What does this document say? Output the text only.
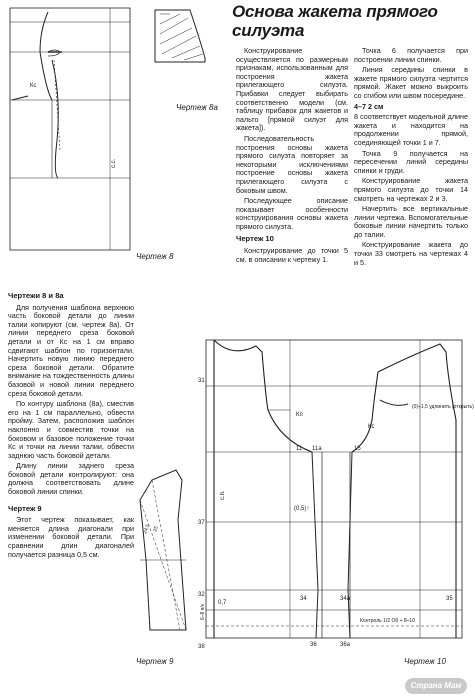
Основа жакета прямого силуэта

Конструирование осуществляется по размерным признакам, использованным для построения жакета прилегающего силуэта. Прибавки следует выбирать соответственно модели (см. таблицу прибавок для жакетов и пальто [прямой силуэт для жакета]).

Последовательность построения основы жакета прямого силуэта повторяет за некоторыми исключениями построение основы жакета прилегающего силуэта с боковым швом.

Последующее описание показывает особенности конструирования основы жакета прямого силуэта.

Чертеж 10

Конструирование до точки 5 см. в описании к чертежу 1.

Точка 6 получается при построении линии спинки.

Линия середины спинки в жакете прямого силуэта чертится прямой. Жакет можно выкроить со сгибом или швом посередине.

4–7 2 см

8 соответствует модельной длине жакета и находится на продолжении прямой, соединяющей точки 1 и 7.

Точка 9 получается на пересечении линий середины спинки и груди.

Конструирование жакета прямого силуэта до точки 14 смотреть на чертежах 2 и 3.

Начертить все вертикальные линии чертежа. Вспомогательные боковые линии начертить только до талии.

Конструирование жакета до точки 33 смотреть на чертежах 4 и 5.

Чертежи 8 и 8а

Для получения шаблона верхнюю часть боковой детали до линии талии копируют (см. чертеж 8а). От линии переднего среза боковой детали и от Кс на 1 см вправо сдвигают шаблон по горизонтали. Начертить новую линию переднего среза боковой детали. Обратите внимание на тождественность длины базовой и новой линии переднего среза боковой детали.

По контуру шаблона (8а), сместив его на 1 см параллельно, обвести пройму. Затем, расположив шаблон наклонно и совместив точки на боковом и базовое положение точки Кс и точки на линии талии, обвести заднюю часть боковой детали.

Длину линии заднего среза боковой детали контролируют: она должна соответствовать длине боковой линии спинки.

Чертеж 9

Этот чертеж показывает, как меняется длина диагонали при изменении боковой детали. При сравнении длин диагоналей получается разница 0,5 см.

Кс
с.с.
31
37
32
38
11 11а	15
34	34а
36	36а
35
Кп
Кс
(0,5)↑
0,7
6–8 в/к
(0)÷1,5 удлинить (открыть)
Контроль 1/2 Об + 8÷10
с.п.
24,5 25
Чертеж 8
Чертеж 8а
Чертеж 9	Чертеж 10
Страна Мам
